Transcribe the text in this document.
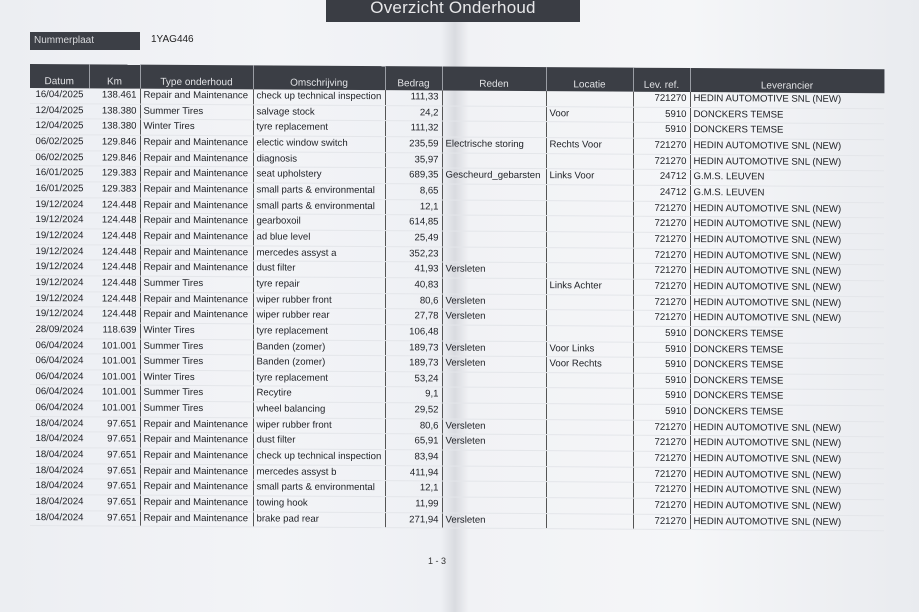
Overzicht Onderhoud
Nummerplaat	1YAG446
Datum	Km	Type onderhoud	Omschrijving	Bedrag	Reden	Locatie	Lev. ref.	Leverancier
16/04/2025	138.461	Repair and Maintenance	check up technical inspection	111,33			721270	HEDIN AUTOMOTIVE SNL (NEW)
12/04/2025	138.380	Summer Tires	salvage stock	24,2		Voor	5910	DONCKERS TEMSE
12/04/2025	138.380	Winter Tires	tyre replacement	111,32			5910	DONCKERS TEMSE
06/02/2025	129.846	Repair and Maintenance	electic window switch	235,59	Electrische storing	Rechts Voor	721270	HEDIN AUTOMOTIVE SNL (NEW)
06/02/2025	129.846	Repair and Maintenance	diagnosis	35,97			721270	HEDIN AUTOMOTIVE SNL (NEW)
16/01/2025	129.383	Repair and Maintenance	seat upholstery	689,35	Gescheurd_gebarsten	Links Voor	24712	G.M.S. LEUVEN
16/01/2025	129.383	Repair and Maintenance	small parts & environmental	8,65			24712	G.M.S. LEUVEN
19/12/2024	124.448	Repair and Maintenance	small parts & environmental	12,1			721270	HEDIN AUTOMOTIVE SNL (NEW)
19/12/2024	124.448	Repair and Maintenance	gearboxoil	614,85			721270	HEDIN AUTOMOTIVE SNL (NEW)
19/12/2024	124.448	Repair and Maintenance	ad blue level	25,49			721270	HEDIN AUTOMOTIVE SNL (NEW)
19/12/2024	124.448	Repair and Maintenance	mercedes assyst a	352,23			721270	HEDIN AUTOMOTIVE SNL (NEW)
19/12/2024	124.448	Repair and Maintenance	dust filter	41,93	Versleten		721270	HEDIN AUTOMOTIVE SNL (NEW)
19/12/2024	124.448	Summer Tires	tyre repair	40,83		Links Achter	721270	HEDIN AUTOMOTIVE SNL (NEW)
19/12/2024	124.448	Repair and Maintenance	wiper rubber front	80,6	Versleten		721270	HEDIN AUTOMOTIVE SNL (NEW)
19/12/2024	124.448	Repair and Maintenance	wiper rubber rear	27,78	Versleten		721270	HEDIN AUTOMOTIVE SNL (NEW)
28/09/2024	118.639	Winter Tires	tyre replacement	106,48			5910	DONCKERS TEMSE
06/04/2024	101.001	Summer Tires	Banden (zomer)	189,73	Versleten	Voor Links	5910	DONCKERS TEMSE
06/04/2024	101.001	Summer Tires	Banden (zomer)	189,73	Versleten	Voor Rechts	5910	DONCKERS TEMSE
06/04/2024	101.001	Winter Tires	tyre replacement	53,24			5910	DONCKERS TEMSE
06/04/2024	101.001	Summer Tires	Recytire	9,1			5910	DONCKERS TEMSE
06/04/2024	101.001	Summer Tires	wheel balancing	29,52			5910	DONCKERS TEMSE
18/04/2024	97.651	Repair and Maintenance	wiper rubber front	80,6	Versleten		721270	HEDIN AUTOMOTIVE SNL (NEW)
18/04/2024	97.651	Repair and Maintenance	dust filter	65,91	Versleten		721270	HEDIN AUTOMOTIVE SNL (NEW)
18/04/2024	97.651	Repair and Maintenance	check up technical inspection	83,94			721270	HEDIN AUTOMOTIVE SNL (NEW)
18/04/2024	97.651	Repair and Maintenance	mercedes assyst b	411,94			721270	HEDIN AUTOMOTIVE SNL (NEW)
18/04/2024	97.651	Repair and Maintenance	small parts & environmental	12,1			721270	HEDIN AUTOMOTIVE SNL (NEW)
18/04/2024	97.651	Repair and Maintenance	towing hook	11,99			721270	HEDIN AUTOMOTIVE SNL (NEW)
18/04/2024	97.651	Repair and Maintenance	brake pad rear	271,94	Versleten		721270	HEDIN AUTOMOTIVE SNL (NEW)
1 - 3
